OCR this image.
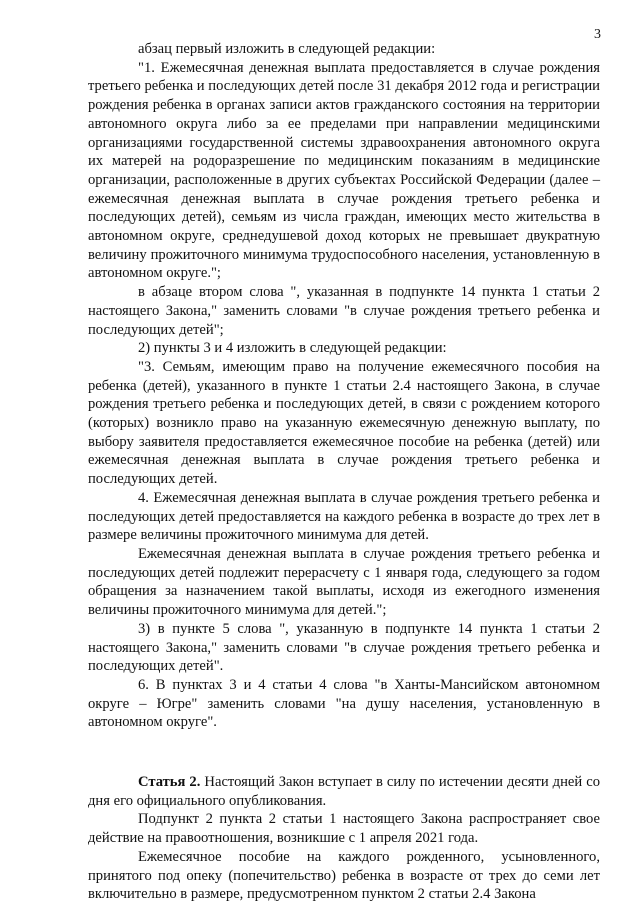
3

абзац первый изложить в следующей редакции:

"1. Ежемесячная денежная выплата предоставляется в случае рождения третьего ребенка и последующих детей после 31 декабря 2012 года и регистрации рождения ребенка в органах записи актов гражданского состояния на территории автономного округа либо за ее пределами при направлении медицинскими организациями государственной системы здравоохранения автономного округа их матерей на родоразрешение по медицинским показаниям в медицинские организации, расположенные в других субъектах Российской Федерации (далее – ежемесячная денежная выплата в случае рождения третьего ребенка и последующих детей), семьям из числа граждан, имеющих место жительства в автономном округе, среднедушевой доход которых не превышает двукратную величину прожиточного минимума трудоспособного населения, установленную в автономном округе.";

в абзаце втором слова ", указанная в подпункте 14 пункта 1 статьи 2 настоящего Закона," заменить словами "в случае рождения третьего ребенка и последующих детей";

2) пункты 3 и 4 изложить в следующей редакции:

"3. Семьям, имеющим право на получение ежемесячного пособия на ребенка (детей), указанного в пункте 1 статьи 2.4 настоящего Закона, в случае рождения третьего ребенка и последующих детей, в связи с рождением которого (которых) возникло право на указанную ежемесячную денежную выплату, по выбору заявителя предоставляется ежемесячное пособие на ребенка (детей) или ежемесячная денежная выплата в случае рождения третьего ребенка и последующих детей.

4. Ежемесячная денежная выплата в случае рождения третьего ребенка и последующих детей предоставляется на каждого ребенка в возрасте до трех лет в размере величины прожиточного минимума для детей.

Ежемесячная денежная выплата в случае рождения третьего ребенка и последующих детей подлежит перерасчету с 1 января года, следующего за годом обращения за назначением такой выплаты, исходя из ежегодного изменения величины прожиточного минимума для детей.";

3) в пункте 5 слова ", указанную в подпункте 14 пункта 1 статьи 2 настоящего Закона," заменить словами "в случае рождения третьего ребенка и последующих детей".

6. В пунктах 3 и 4 статьи 4 слова "в Ханты-Мансийском автономном округе – Югре" заменить словами "на душу населения, установленную в автономном округе".

Статья 2. Настоящий Закон вступает в силу по истечении десяти дней со дня его официального опубликования.

Подпункт 2 пункта 2 статьи 1 настоящего Закона распространяет свое действие на правоотношения, возникшие с 1 апреля 2021 года.

Ежемесячное пособие на каждого рожденного, усыновленного, принятого под опеку (попечительство) ребенка в возрасте от трех до семи лет включительно в размере, предусмотренном пунктом 2 статьи 2.4 Закона
